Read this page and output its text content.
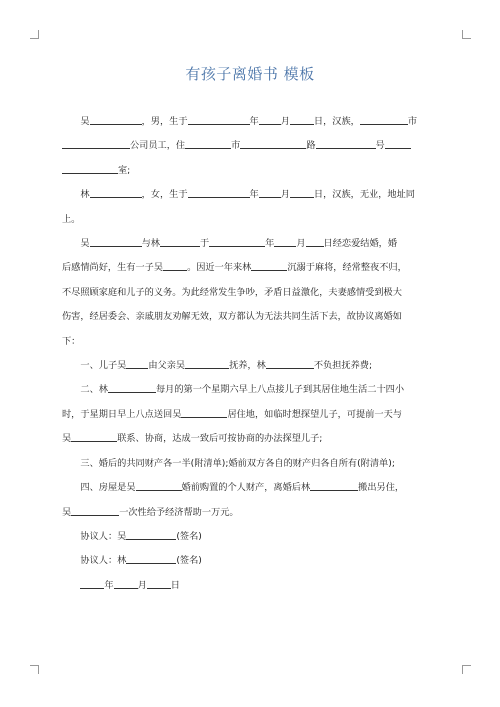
有孩子离婚书 模板

吴	，男，生于	年 月	日，汉族，	市

公司员工，住	市	路	号

室;

林	，女，生于	年 月	日，汉族，无业，地址同

上。

吴	与林	于	年 月 日经恋爱结婚，婚

后感情尚好，生有一子吴	。因近一年来林	沉溺于麻将，经常整夜不归，

不尽照顾家庭和儿子的义务。为此经常发生争吵，矛盾日益激化，夫妻感情受到极大

伤害，经居委会、亲戚朋友劝解无效，双方都认为无法共同生活下去，故协议离婚如

下：

一、儿子吴 由父亲吴	抚养，林	不负担抚养费;

二、林	每月的第一个星期六早上八点接儿子到其居住地生活二十四小

时，于星期日早上八点送回吴	居住地，如临时想探望儿子，可提前一天与

吴	联系、协商，达成一致后可按协商的办法探望儿子;

三、婚后的共同财产各一半(附清单);婚前双方各自的财产归各自所有(附清单);

四、房屋是吴	婚前购置的个人财产，离婚后林	搬出另住，

吴	一次性给予经济帮助一万元。

协议人：吴	(签名)

协议人：林	(签名)

年	月	日
